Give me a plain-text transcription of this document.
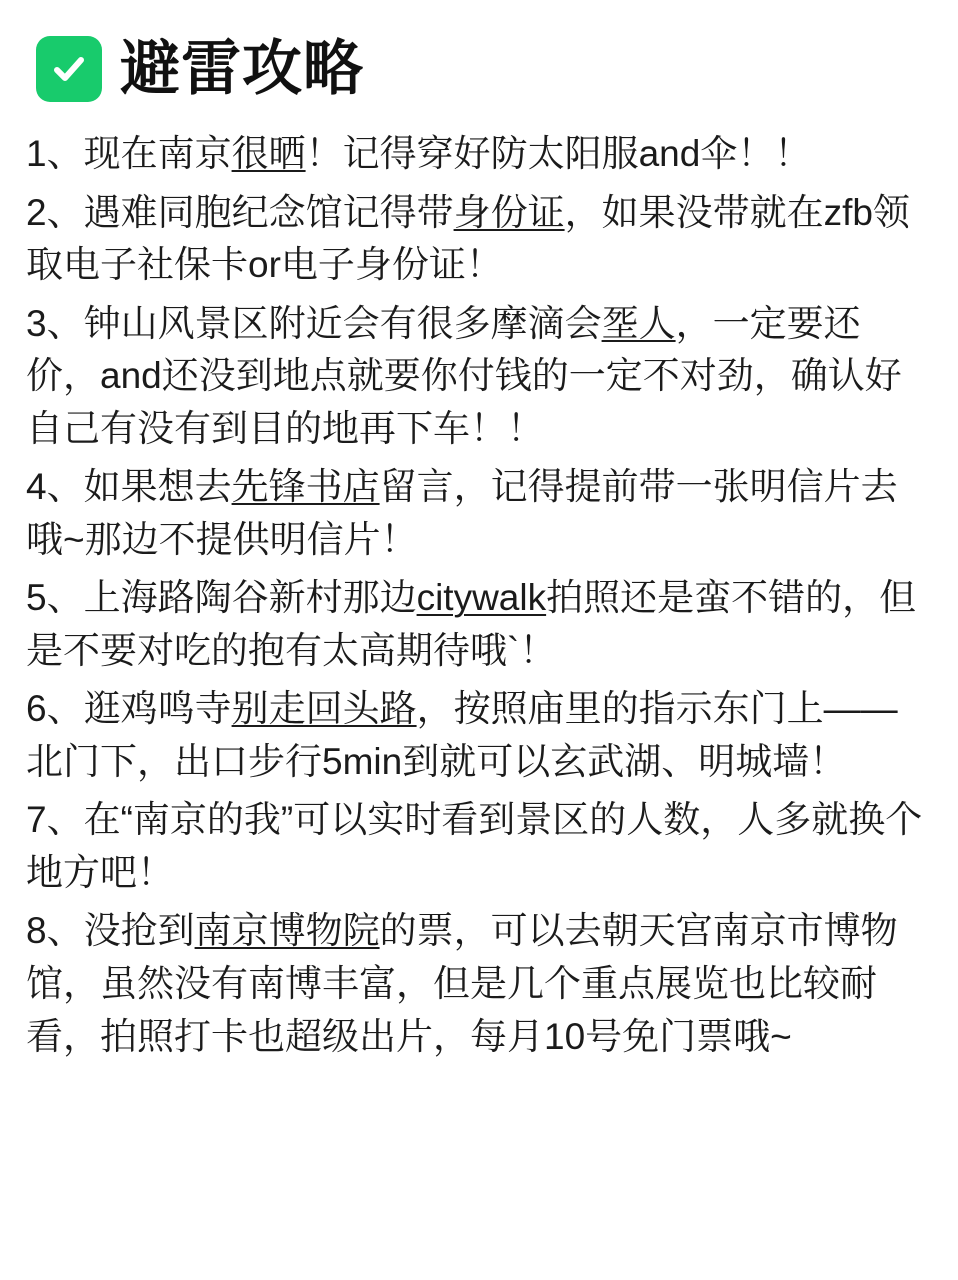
避雷攻略
1、现在南京很晒！记得穿好防太阳服and伞！！
2、遇难同胞纪念馆记得带身份证，如果没带就在zfb领取电子社保卡or电子身份证！
3、钟山风景区附近会有很多摩滴会㘸人，一定要还价，and还没到地点就要你付钱的一定不对劲，确认好自己有没有到目的地再下车！！
4、如果想去先锋书店留言，记得提前带一张明信片去哦~那边不提供明信片！
5、上海路陶谷新村那边citywalk拍照还是蛮不错的，但是不要对吃的抱有太高期待哦`！
6、逛鸡鸣寺别走回头路，按照庙里的指示东门上——北门下，出口步行5min到就可以玄武湖、明城墙！
7、在“南京的我”可以实时看到景区的人数，人多就换个地方吧！
8、没抢到南京博物院的票，可以去朝天宫南京市博物馆，虽然没有南博丰富，但是几个重点展览也比较耐看，拍照打卡也超级出片，每月10号免门票哦~
